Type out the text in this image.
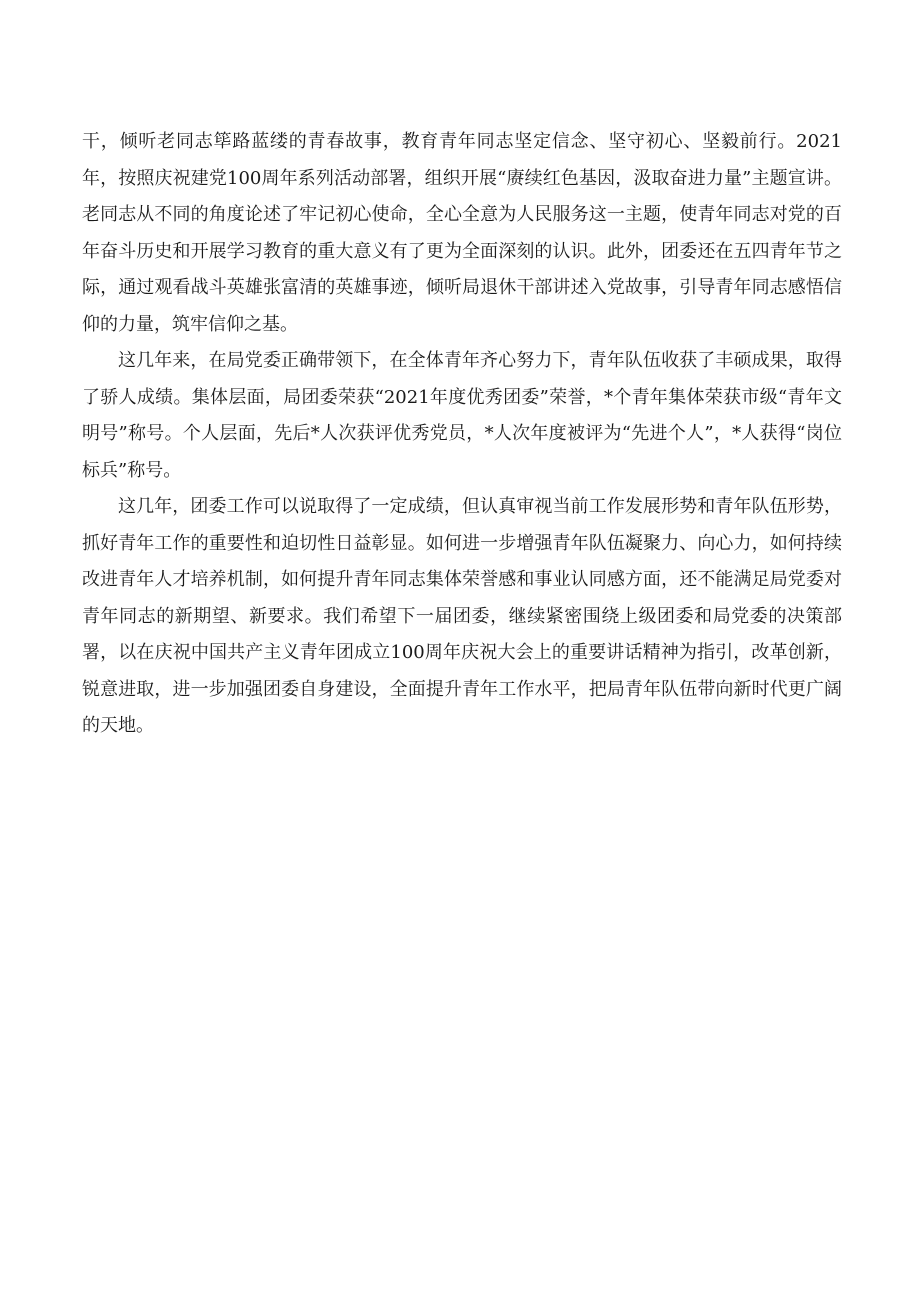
干，倾听老同志筚路蓝缕的青春故事，教育青年同志坚定信念、坚守初心、坚毅前行。2021年，按照庆祝建党100周年系列活动部署，组织开展“赓续红色基因，汲取奋进力量”主题宣讲。老同志从不同的角度论述了牢记初心使命，全心全意为人民服务这一主题，使青年同志对党的百年奋斗历史和开展学习教育的重大意义有了更为全面深刻的认识。此外，团委还在五四青年节之际，通过观看战斗英雄张富清的英雄事迹，倾听局退休干部讲述入党故事，引导青年同志感悟信仰的力量，筑牢信仰之基。

这几年来，在局党委正确带领下，在全体青年齐心努力下，青年队伍收获了丰硕成果，取得了骄人成绩。集体层面，局团委荣获“2021年度优秀团委”荣誉，*个青年集体荣获市级“青年文明号”称号。个人层面，先后*人次获评优秀党员，*人次年度被评为“先进个人”，*人获得“岗位标兵”称号。

这几年，团委工作可以说取得了一定成绩，但认真审视当前工作发展形势和青年队伍形势，抓好青年工作的重要性和迫切性日益彰显。如何进一步增强青年队伍凝聚力、向心力，如何持续改进青年人才培养机制，如何提升青年同志集体荣誉感和事业认同感方面，还不能满足局党委对青年同志的新期望、新要求。我们希望下一届团委，继续紧密围绕上级团委和局党委的决策部署，以在庆祝中国共产主义青年团成立100周年庆祝大会上的重要讲话精神为指引，改革创新，锐意进取，进一步加强团委自身建设，全面提升青年工作水平，把局青年队伍带向新时代更广阔的天地。
